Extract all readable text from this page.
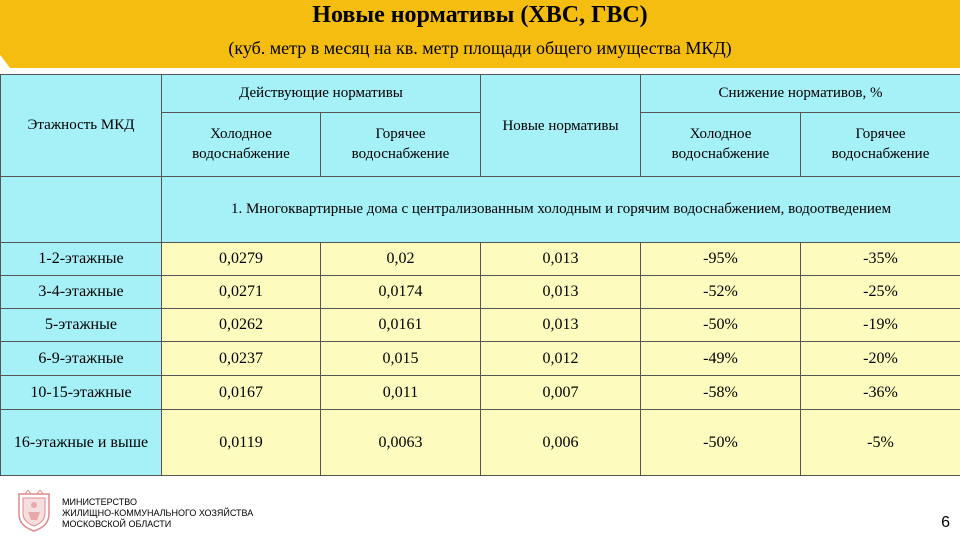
Новые нормативы (ХВС, ГВС)
(куб. метр в месяц на кв. метр площади общего имущества МКД)
Этажность МКД	Действующие нормативы		Новые нормативы	Снижение нормативов, %	
	Холодное водоснабжение	Горячее водоснабжение		Холодное водоснабжение	Горячее водоснабжение
	1. Многоквартирные дома с централизованным холодным и горячим водоснабжением, водоотведением				
1-2-этажные	0,0279	0,02	0,013	-95%	-35%
3-4-этажные	0,0271	0,0174	0,013	-52%	-25%
5-этажные	0,0262	0,0161	0,013	-50%	-19%
6-9-этажные	0,0237	0,015	0,012	-49%	-20%
10-15-этажные	0,0167	0,011	0,007	-58%	-36%
16-этажные и выше	0,0119	0,0063	0,006	-50%	-5%
МИНИСТЕРСТВО
ЖИЛИЩНО-КОММУНАЛЬНОГО ХОЗЯЙСТВА
МОСКОВСКОЙ ОБЛАСТИ	6
